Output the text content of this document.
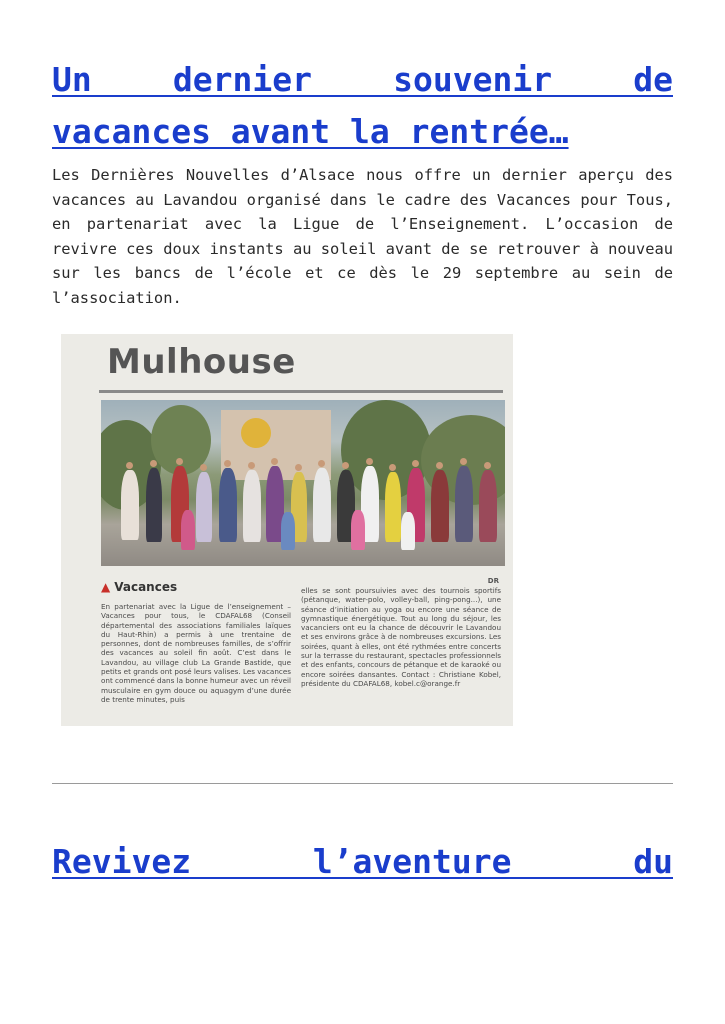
Un dernier souvenir de
vacances avant la rentrée…

Les Dernières Nouvelles d’Alsace nous offre un dernier aperçu des vacances au Lavandou organisé dans le cadre des Vacances pour Tous, en partenariat avec la Ligue de l’Enseignement. L’occasion de revivre ces doux instants au soleil avant de se retrouver à nouveau sur les bancs de l’école et ce dès le 29 septembre au sein de l’association.

Mulhouse
DR
▲ Vacances
En partenariat avec la Ligue de l’enseignement – Vacances pour tous, le CDAFAL68 (Conseil départemental des associations familiales laïques du Haut-Rhin) a permis à une trentaine de personnes, dont de nombreuses familles, de s’offrir des vacances au soleil fin août. C’est dans le Lavandou, au village club La Grande Bastide, que petits et grands ont posé leurs valises. Les vacances ont commencé dans la bonne humeur avec un réveil musculaire en gym douce ou aquagym d’une durée de trente minutes, puis
elles se sont poursuivies avec des tournois sportifs (pétanque, water-polo, volley-ball, ping-pong...), une séance d’initiation au yoga ou encore une séance de gymnastique énergétique. Tout au long du séjour, les vacanciers ont eu la chance de découvrir le Lavandou et ses environs grâce à de nombreuses excursions. Les soirées, quant à elles, ont été rythmées entre concerts sur la terrasse du restaurant, spectacles professionnels et des enfants, concours de pétanque et de karaoké ou encore soirées dansantes. Contact : Christiane Kobel, présidente du CDAFAL68, kobel.c@orange.fr
Revivez l’aventure du
